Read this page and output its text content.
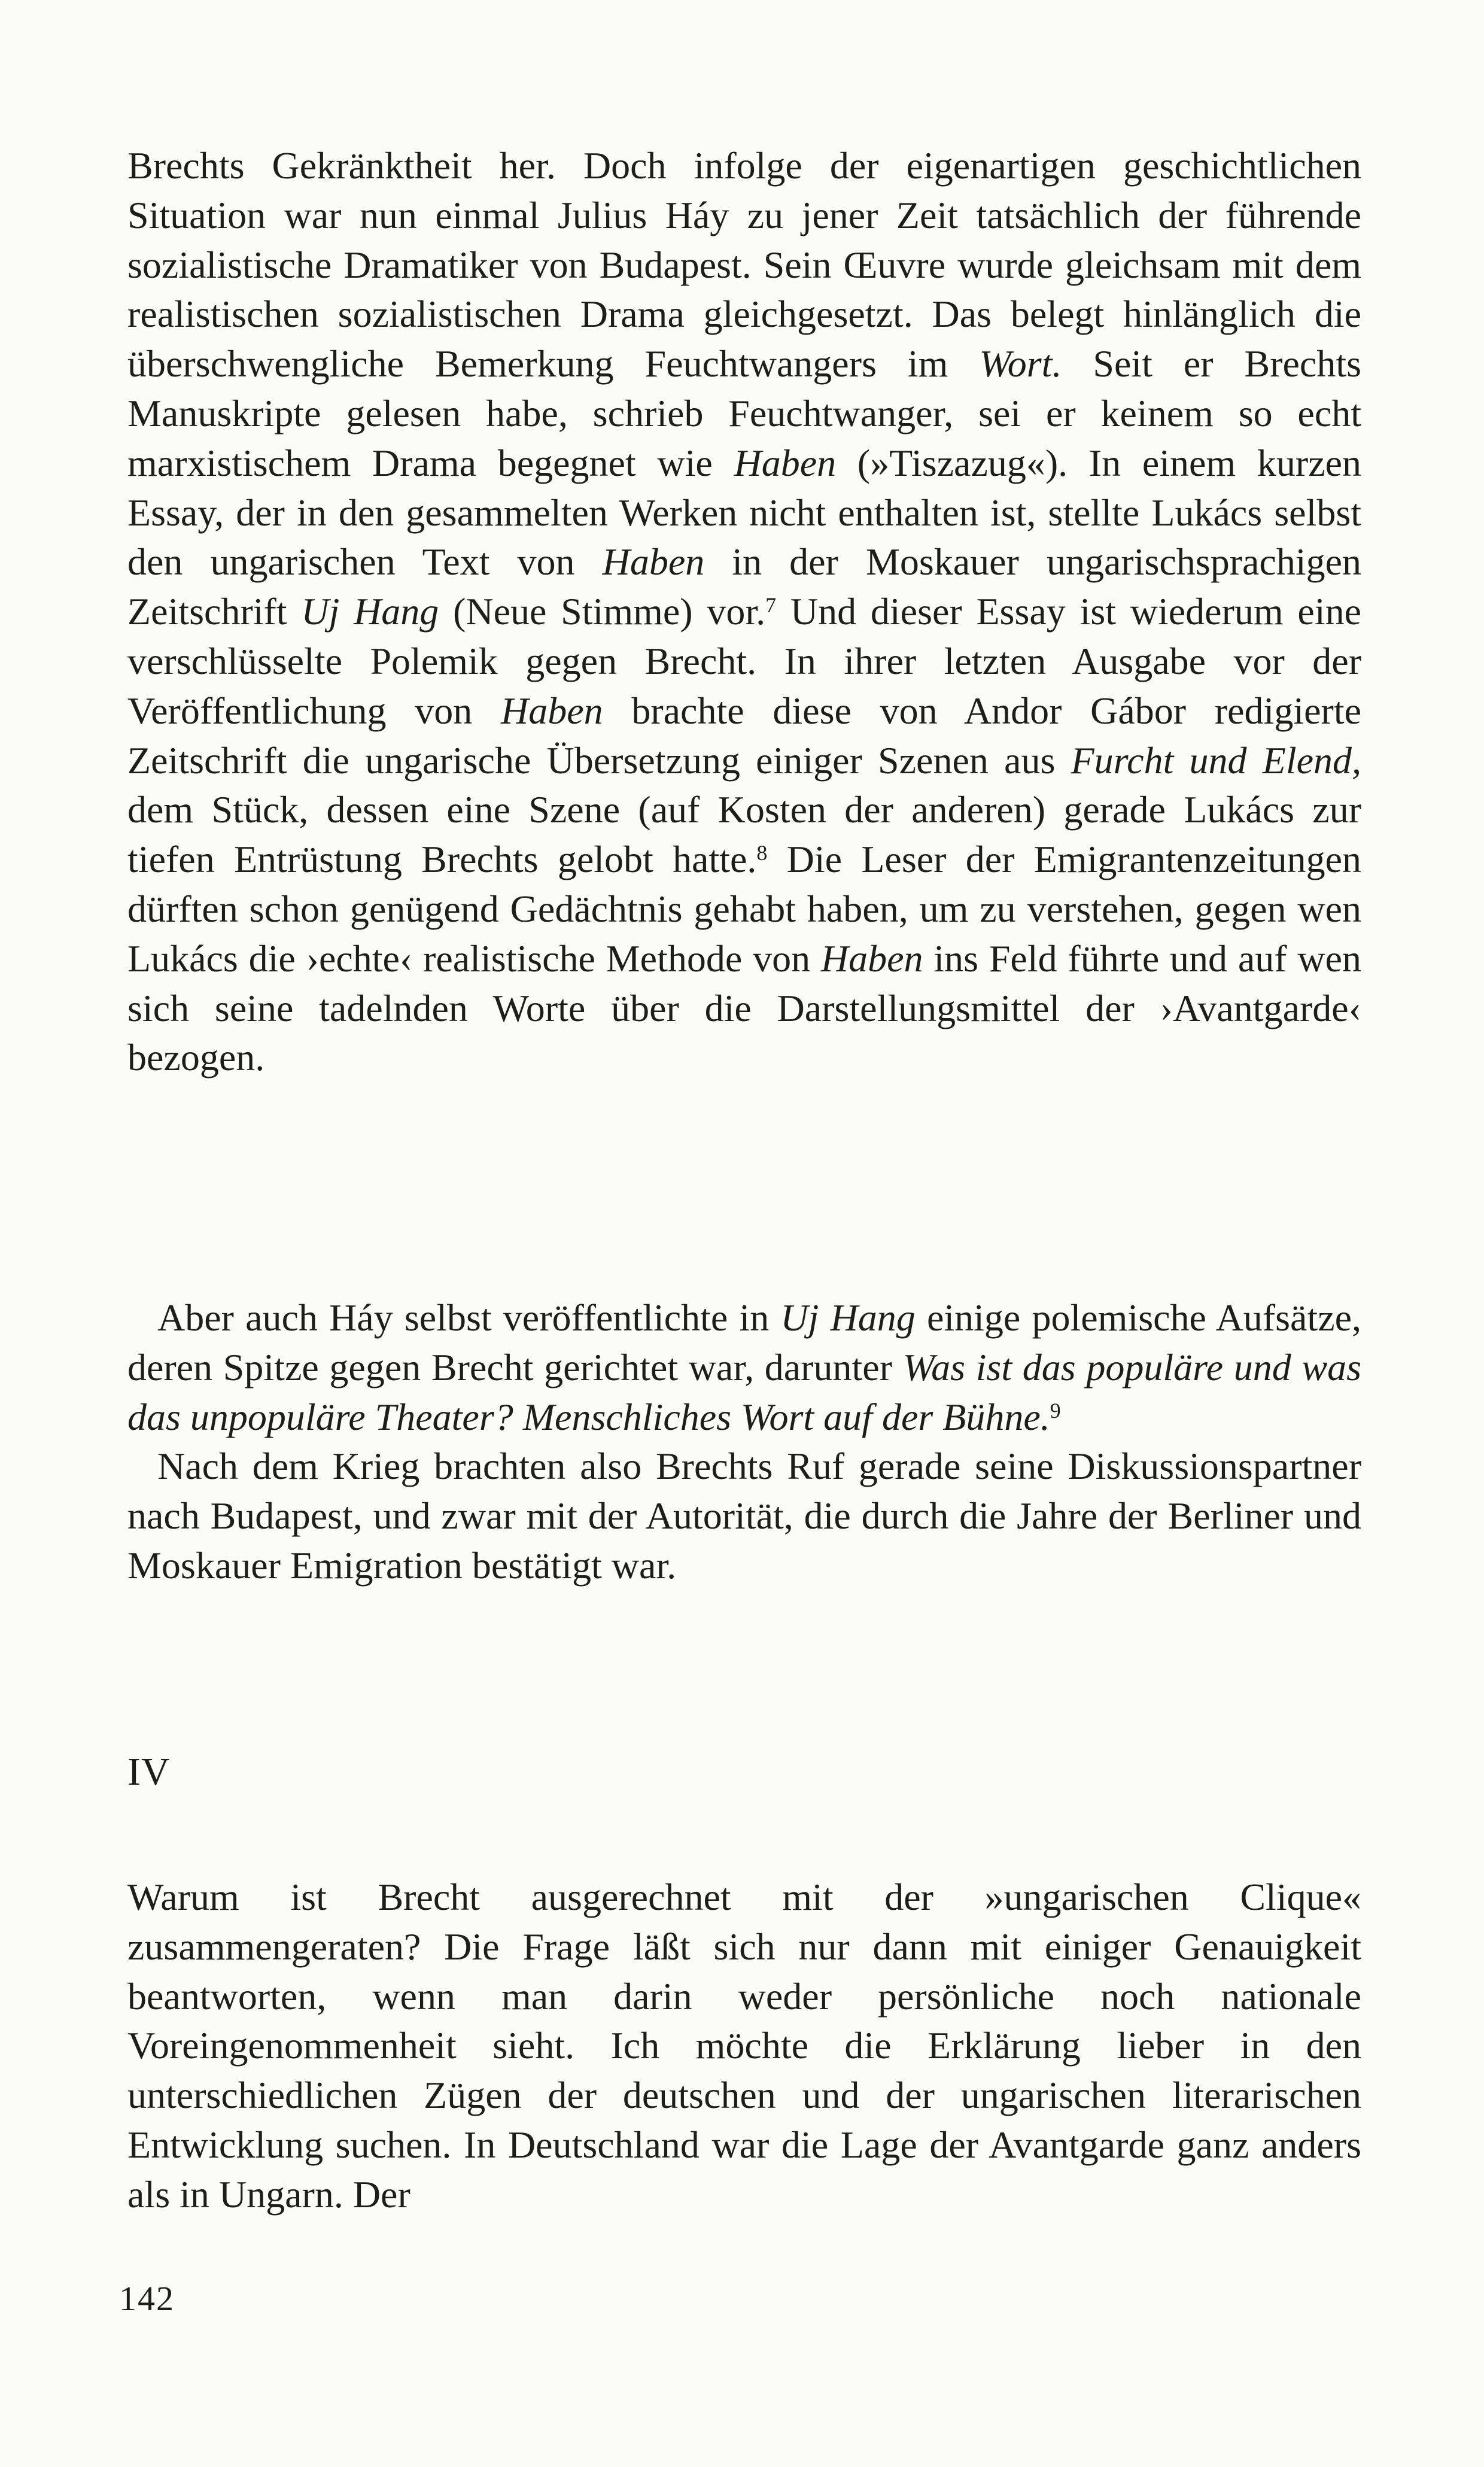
Brechts Gekränktheit her. Doch infolge der eigenartigen geschichtlichen Situation war nun einmal Julius Háy zu jener Zeit tatsächlich der führende sozialistische Dramatiker von Budapest. Sein Œuvre wurde gleichsam mit dem realistischen sozialistischen Drama gleichgesetzt. Das belegt hinlänglich die überschwengliche Bemerkung Feuchtwangers im Wort. Seit er Brechts Manuskripte gelesen habe, schrieb Feuchtwanger, sei er keinem so echt marxistischem Drama begegnet wie Haben (»Tiszazug«). In einem kurzen Essay, der in den gesammelten Werken nicht enthalten ist, stellte Lukács selbst den ungarischen Text von Haben in der Moskauer ungarischsprachigen Zeitschrift Uj Hang (Neue Stimme) vor.$^7$ Und dieser Essay ist wiederum eine verschlüsselte Polemik gegen Brecht. In ihrer letzten Ausgabe vor der Veröffentlichung von Haben brachte diese von Andor Gábor redigierte Zeitschrift die ungarische Übersetzung einiger Szenen aus Furcht und Elend, dem Stück, dessen eine Szene (auf Kosten der anderen) gerade Lukács zur tiefen Entrüstung Brechts gelobt hatte.$^8$ Die Leser der Emigrantenzeitungen dürften schon genügend Gedächtnis gehabt haben, um zu verstehen, gegen wen Lukács die ›echte‹ realistische Methode von Haben ins Feld führte und auf wen sich seine tadelnden Worte über die Darstellungsmittel der ›Avantgarde‹ bezogen.

Aber auch Háy selbst veröffentlichte in Uj Hang einige polemische Aufsätze, deren Spitze gegen Brecht gerichtet war, darunter Was ist das populäre und was das unpopuläre Theater? Menschliches Wort auf der Bühne.$^9$

Nach dem Krieg brachten also Brechts Ruf gerade seine Diskussionspartner nach Budapest, und zwar mit der Autorität, die durch die Jahre der Berliner und Moskauer Emigration bestätigt war.

IV

Warum ist Brecht ausgerechnet mit der »ungarischen Clique« zusammengeraten? Die Frage läßt sich nur dann mit einiger Genauigkeit beantworten, wenn man darin weder persönliche noch nationale Voreingenommenheit sieht. Ich möchte die Erklärung lieber in den unterschiedlichen Zügen der deutschen und der ungarischen literarischen Entwicklung suchen. In Deutschland war die Lage der Avantgarde ganz anders als in Ungarn. Der

142
